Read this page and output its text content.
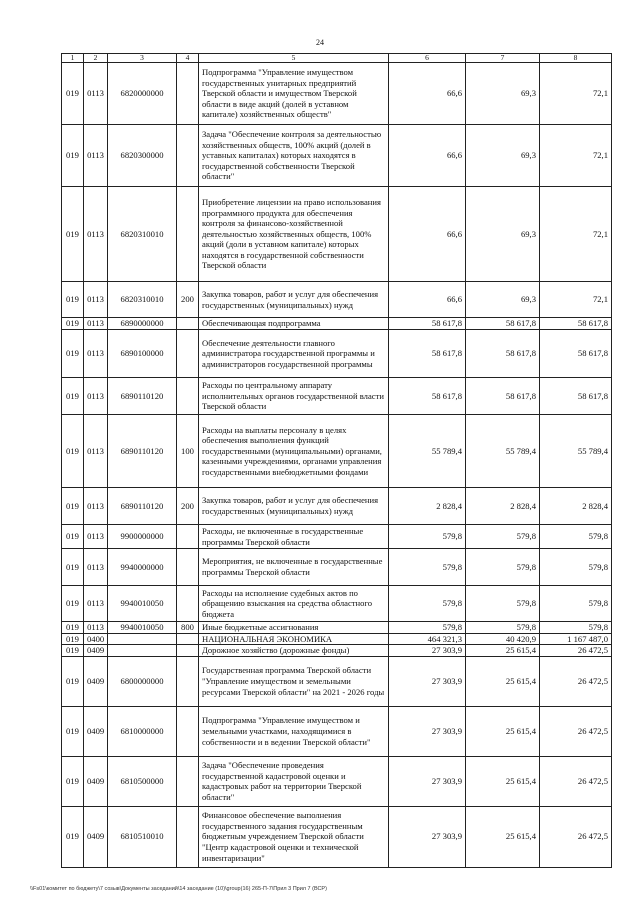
24
1	2	3	4	5	6	7	8
019	0113	6820000000		Подпрограмма "Управление имуществом государственных унитарных предприятий Тверской области и имуществом Тверской области в виде акций (долей в уставном капитале) хозяйственных обществ"	66,6	69,3	72,1
019	0113	6820300000		Задача "Обеспечение контроля за деятельностью хозяйственных обществ, 100% акций (долей в уставных капиталах) которых находятся в государственной собственности Тверской области"	66,6	69,3	72,1
019	0113	6820310010		Приобретение лицензии на право использования программного продукта для обеспечения контроля за финансово-хозяйственной деятельностью хозяйственных обществ, 100% акций (доли в уставном капитале) которых находятся в государственной собственности Тверской области	66,6	69,3	72,1
019	0113	6820310010	200	Закупка товаров, работ и услуг для обеспечения государственных (муниципальных) нужд	66,6	69,3	72,1
019	0113	6890000000		Обеспечивающая подпрограмма	58 617,8	58 617,8	58 617,8
019	0113	6890100000		Обеспечение деятельности главного администратора государственной программы и администраторов государственной программы	58 617,8	58 617,8	58 617,8
019	0113	6890110120		Расходы по центральному аппарату исполнительных органов государственной власти Тверской области	58 617,8	58 617,8	58 617,8
019	0113	6890110120	100	Расходы на выплаты персоналу в целях обеспечения выполнения функций государственными (муниципальными) органами, казенными учреждениями, органами управления государственными внебюджетными фондами	55 789,4	55 789,4	55 789,4
019	0113	6890110120	200	Закупка товаров, работ и услуг для обеспечения государственных (муниципальных) нужд	2 828,4	2 828,4	2 828,4
019	0113	9900000000		Расходы, не включенные в государственные программы Тверской области	579,8	579,8	579,8
019	0113	9940000000		Мероприятия, не включенные в государственные программы Тверской области	579,8	579,8	579,8
019	0113	9940010050		Расходы на исполнение судебных актов по обращению взыскания на средства областного бюджета	579,8	579,8	579,8
019	0113	9940010050	800	Иные бюджетные ассигнования	579,8	579,8	579,8
019	0400			НАЦИОНАЛЬНАЯ ЭКОНОМИКА	464 321,3	40 420,9	1 167 487,0
019	0409			Дорожное хозяйство (дорожные фонды)	27 303,9	25 615,4	26 472,5
019	0409	6800000000		Государственная программа Тверской области "Управление имуществом и земельными ресурсами Тверской области" на 2021 - 2026 годы	27 303,9	25 615,4	26 472,5
019	0409	6810000000		Подпрограмма "Управление имуществом и земельными участками, находящимися в собственности и в ведении Тверской области"	27 303,9	25 615,4	26 472,5
019	0409	6810500000		Задача "Обеспечение проведения государственной кадастровой оценки и кадастровых работ на территории Тверской области"	27 303,9	25 615,4	26 472,5
019	0409	6810510010		Финансовое обеспечение выполнения государственного задания государственным бюджетным учреждением Тверской области "Центр кадастровой оценки и технической инвентаризации"	27 303,9	25 615,4	26 472,5
\\Fs01\комитет по бюджету\7 созыв\Документы заседаний\14 заседание (10)\group(16) 265-П-7\Прил 3 Прил 7 (ВСР)
